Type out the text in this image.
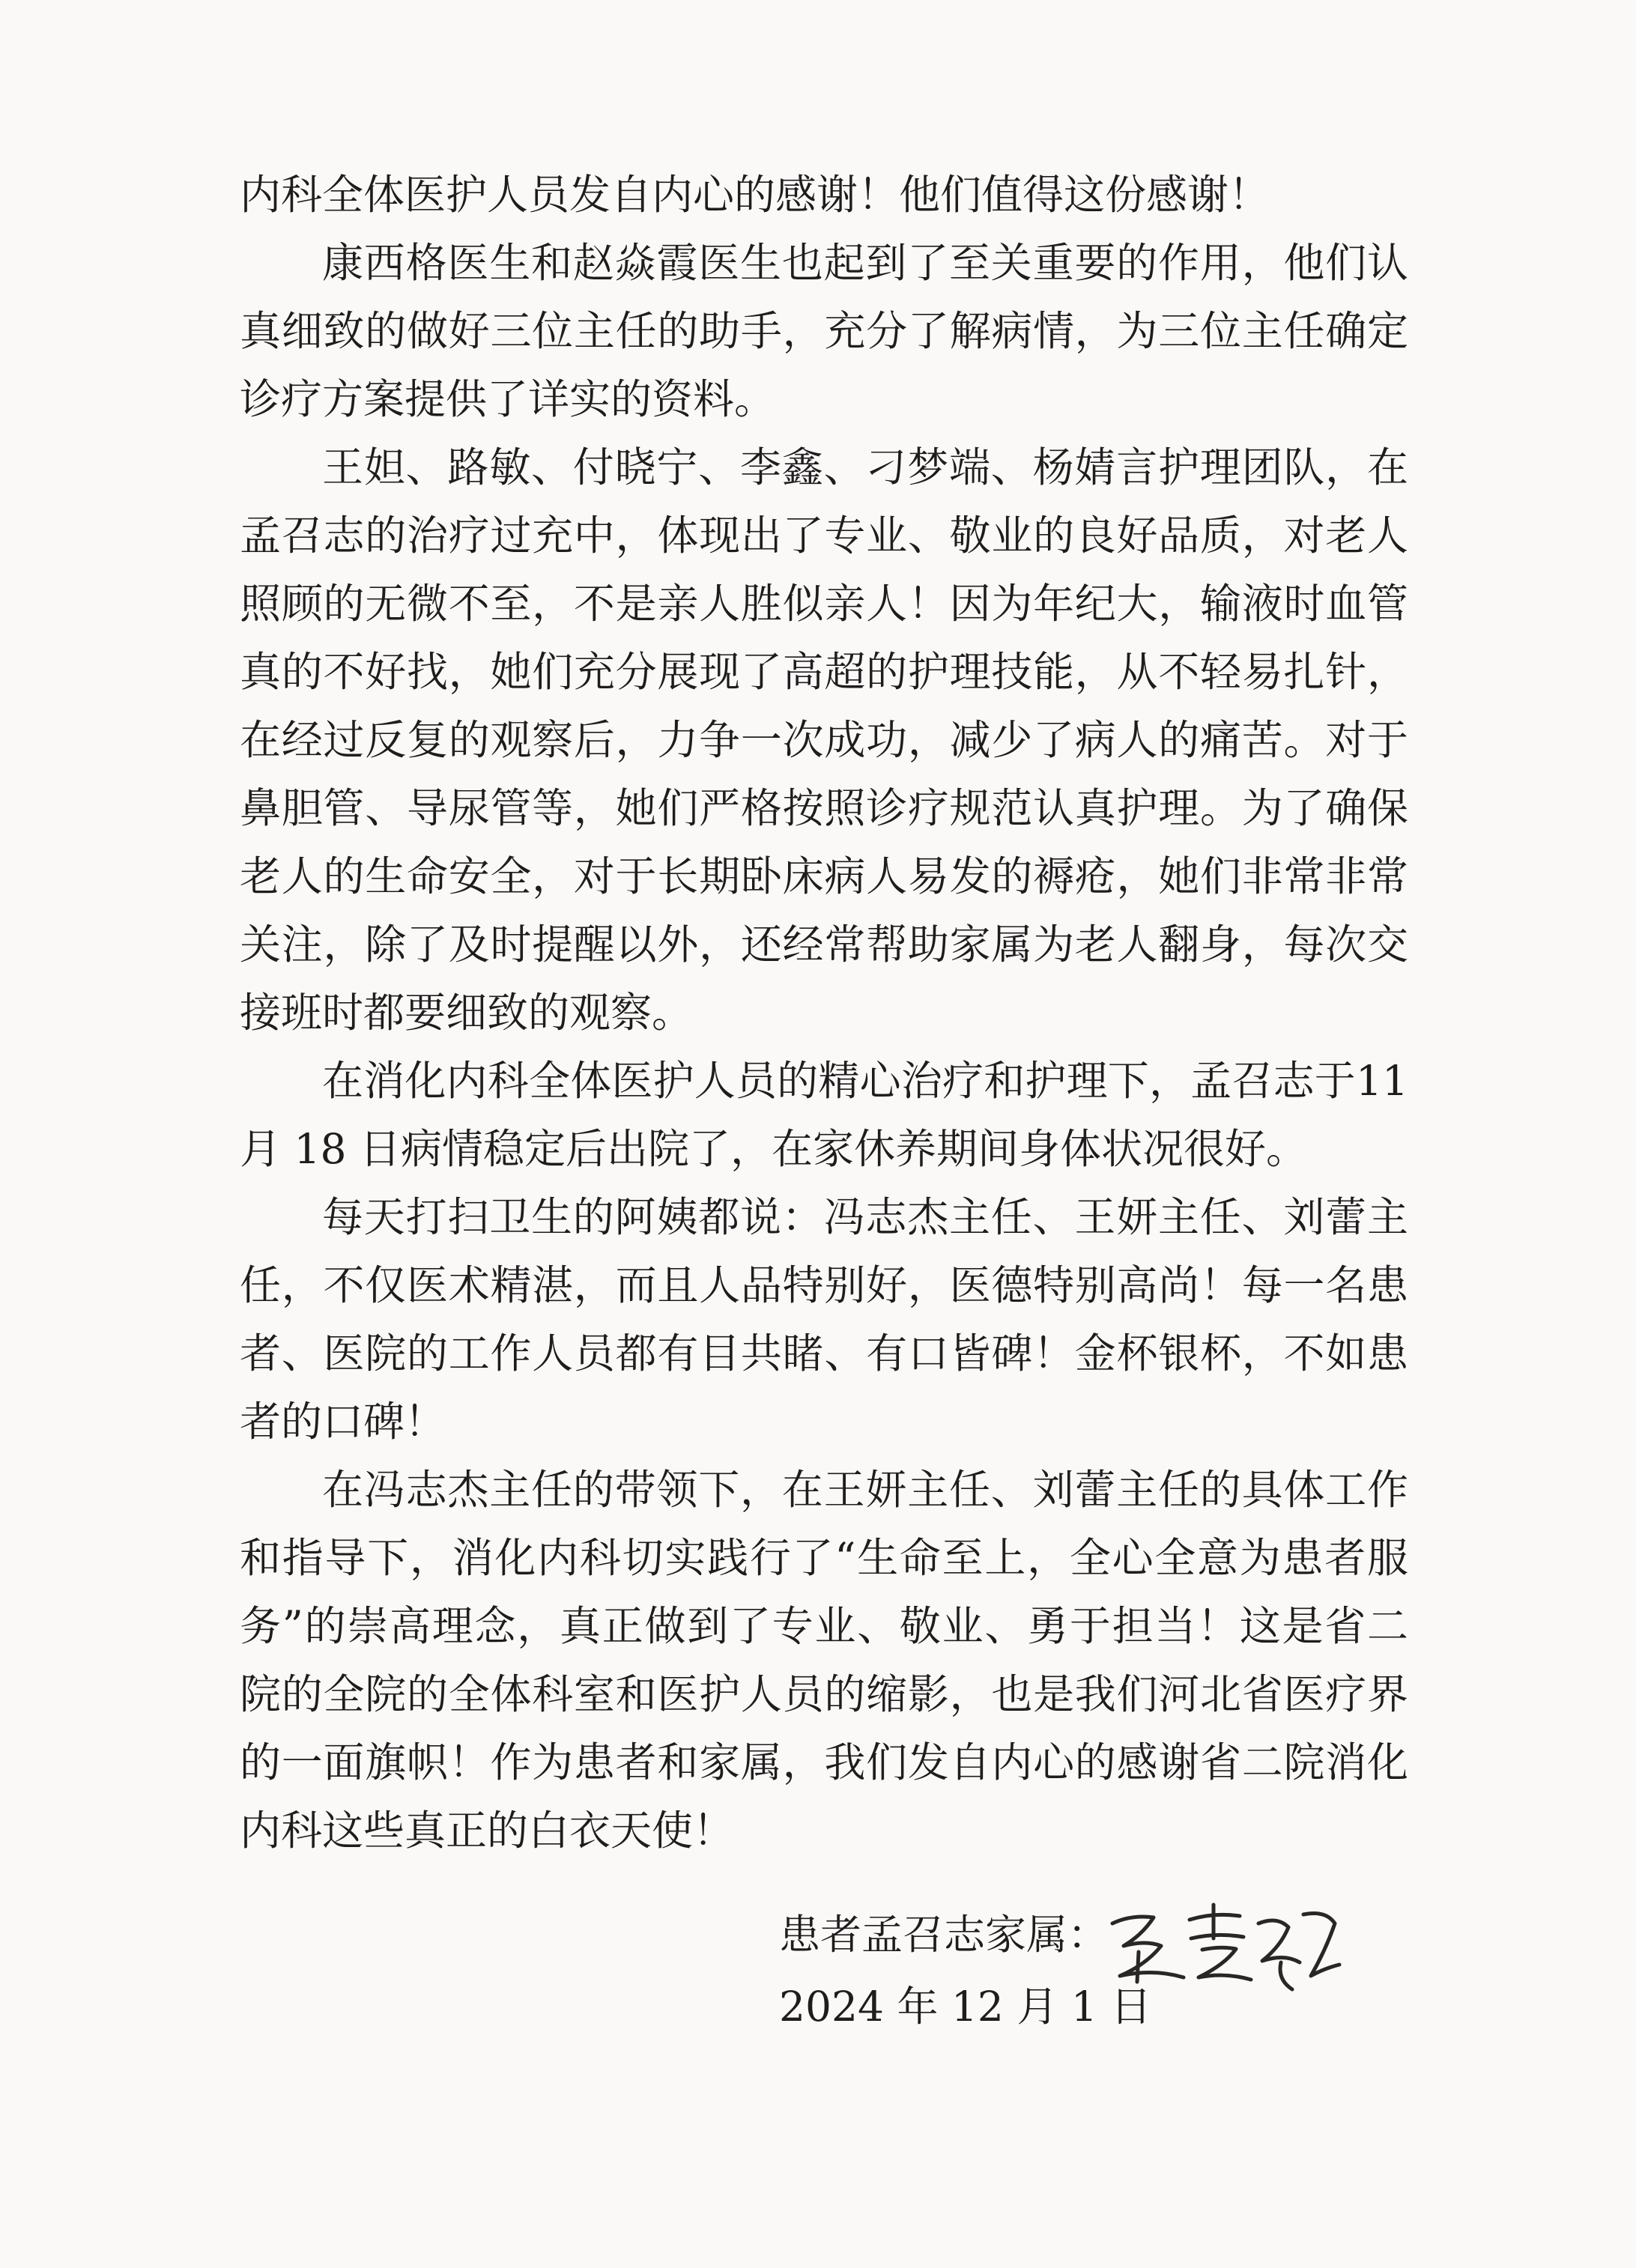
内科全体医护人员发自内心的感谢！他们值得这份感谢！

康西格医生和赵焱霞医生也起到了至关重要的作用，他们认真细致的做好三位主任的助手，充分了解病情，为三位主任确定诊疗方案提供了详实的资料。

王妲、路敏、付晓宁、李鑫、刁梦端、杨婧言护理团队，在孟召志的治疗过充中，体现出了专业、敬业的良好品质，对老人照顾的无微不至，不是亲人胜似亲人！因为年纪大，输液时血管真的不好找，她们充分展现了高超的护理技能，从不轻易扎针，在经过反复的观察后，力争一次成功，减少了病人的痛苦。对于鼻胆管、导尿管等，她们严格按照诊疗规范认真护理。为了确保老人的生命安全，对于长期卧床病人易发的褥疮，她们非常非常关注，除了及时提醒以外，还经常帮助家属为老人翻身，每次交接班时都要细致的观察。

在消化内科全体医护人员的精心治疗和护理下，孟召志于11 月 18 日病情稳定后出院了，在家休养期间身体状况很好。

每天打扫卫生的阿姨都说：冯志杰主任、王妍主任、刘蕾主任，不仅医术精湛，而且人品特别好，医德特别高尚！每一名患者、医院的工作人员都有目共睹、有口皆碑！金杯银杯，不如患者的口碑！

在冯志杰主任的带领下，在王妍主任、刘蕾主任的具体工作和指导下，消化内科切实践行了“生命至上，全心全意为患者服务”的崇高理念，真正做到了专业、敬业、勇于担当！这是省二院的全院的全体科室和医护人员的缩影，也是我们河北省医疗界的一面旗帜！作为患者和家属，我们发自内心的感谢省二院消化内科这些真正的白衣天使！

患者孟召志家属：
2024 年 12 月 1 日
